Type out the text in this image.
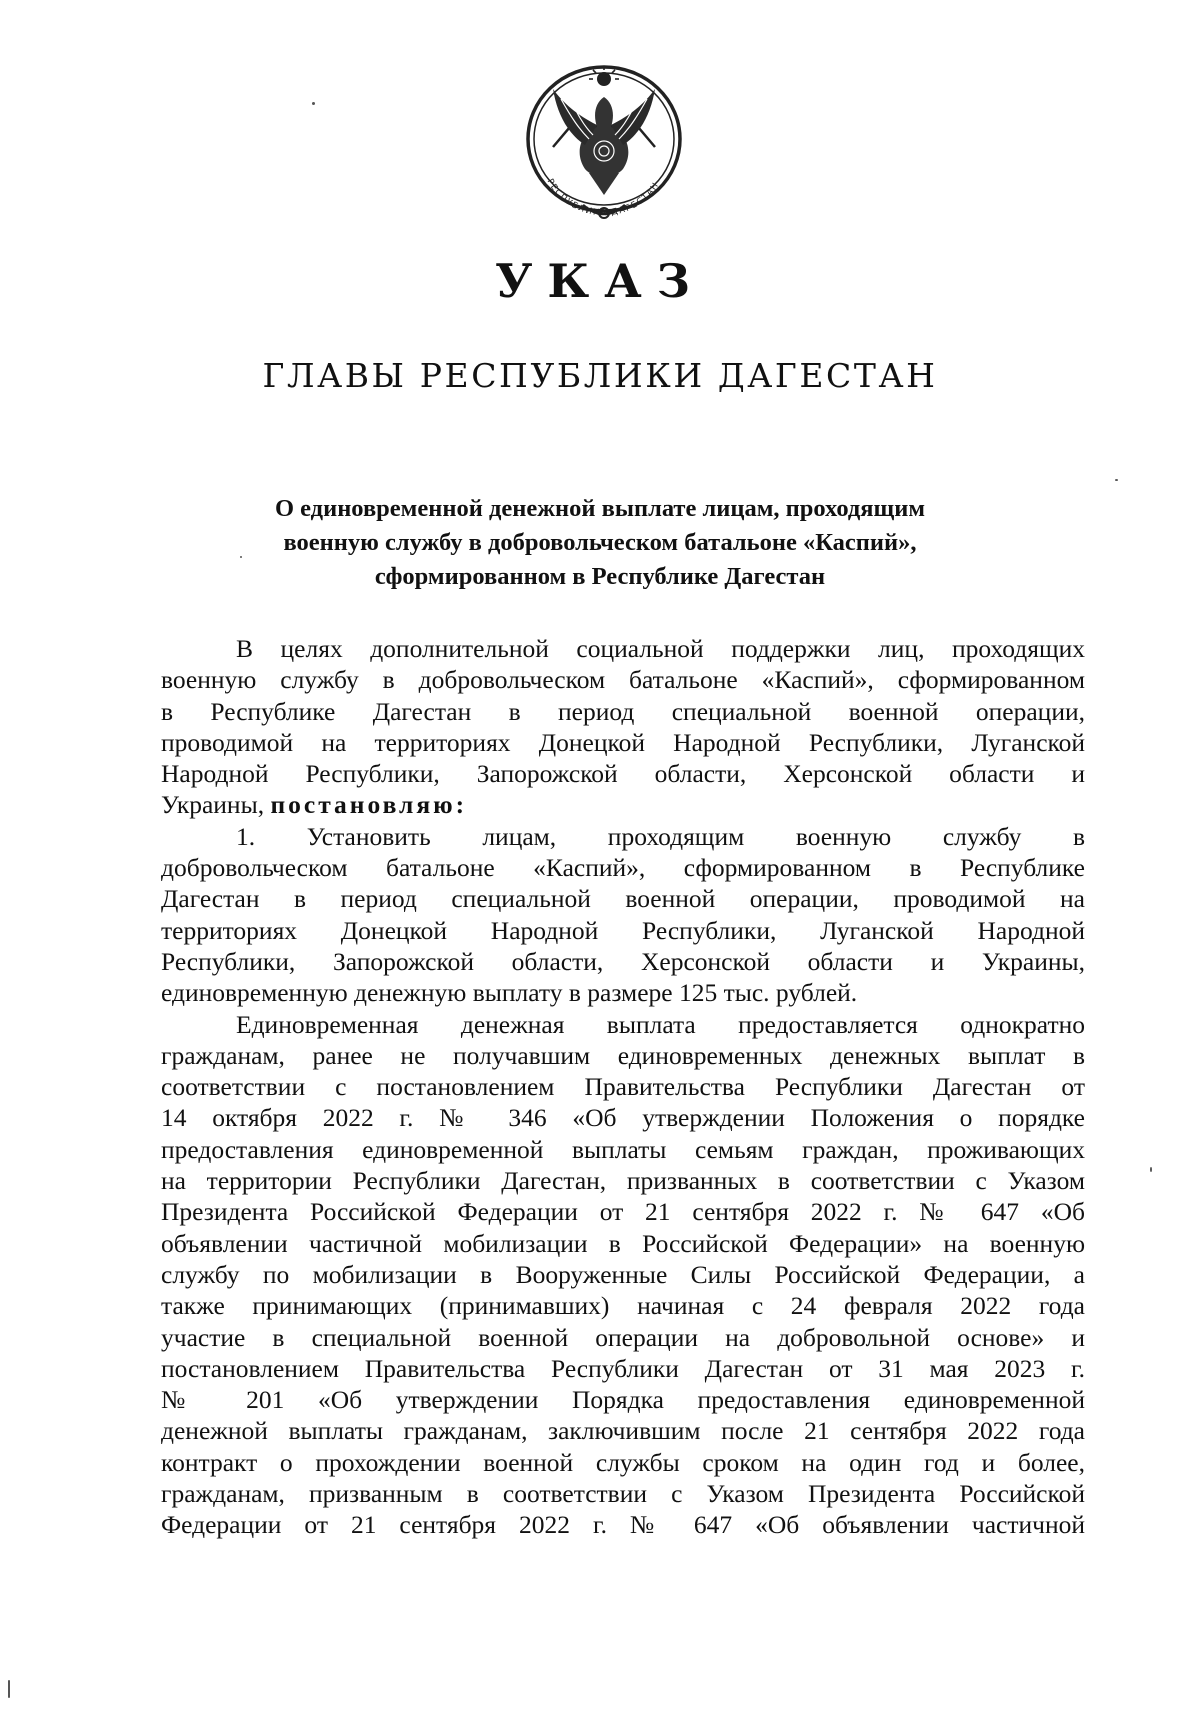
РЕСПУБЛИКА ДАГЕСТАН
УКАЗ
ГЛАВЫ РЕСПУБЛИКИ ДАГЕСТАН
О единовременной денежной выплате лицам, проходящим
военную службу в добровольческом батальоне «Каспий»,
сформированном в Республике Дагестан
В целях дополнительной социальной поддержки лиц, проходящих
военную службу в добровольческом батальоне «Каспий», сформированном
в Республике Дагестан в период специальной военной операции,
проводимой на территориях Донецкой Народной Республики, Луганской
Народной Республики, Запорожской области, Херсонской области и
Украины, постановляю:
1. Установить лицам, проходящим военную службу в
добровольческом батальоне «Каспий», сформированном в Республике
Дагестан в период специальной военной операции, проводимой на
территориях Донецкой Народной Республики, Луганской Народной
Республики, Запорожской области, Херсонской области и Украины,
единовременную денежную выплату в размере 125 тыс. рублей.
Единовременная денежная выплата предоставляется однократно
гражданам, ранее не получавшим единовременных денежных выплат в
соответствии с постановлением Правительства Республики Дагестан от
14 октября 2022 г. № 346 «Об утверждении Положения о порядке
предоставления единовременной выплаты семьям граждан, проживающих
на территории Республики Дагестан, призванных в соответствии с Указом
Президента Российской Федерации от 21 сентября 2022 г. № 647 «Об
объявлении частичной мобилизации в Российской Федерации» на военную
службу по мобилизации в Вооруженные Силы Российской Федерации, а
также принимающих (принимавших) начиная с 24 февраля 2022 года
участие в специальной военной операции на добровольной основе» и
постановлением Правительства Республики Дагестан от 31 мая 2023 г.
№ 201 «Об утверждении Порядка предоставления единовременной
денежной выплаты гражданам, заключившим после 21 сентября 2022 года
контракт о прохождении военной службы сроком на один год и более,
гражданам, призванным в соответствии с Указом Президента Российской
Федерации от 21 сентября 2022 г. № 647 «Об объявлении частичной
